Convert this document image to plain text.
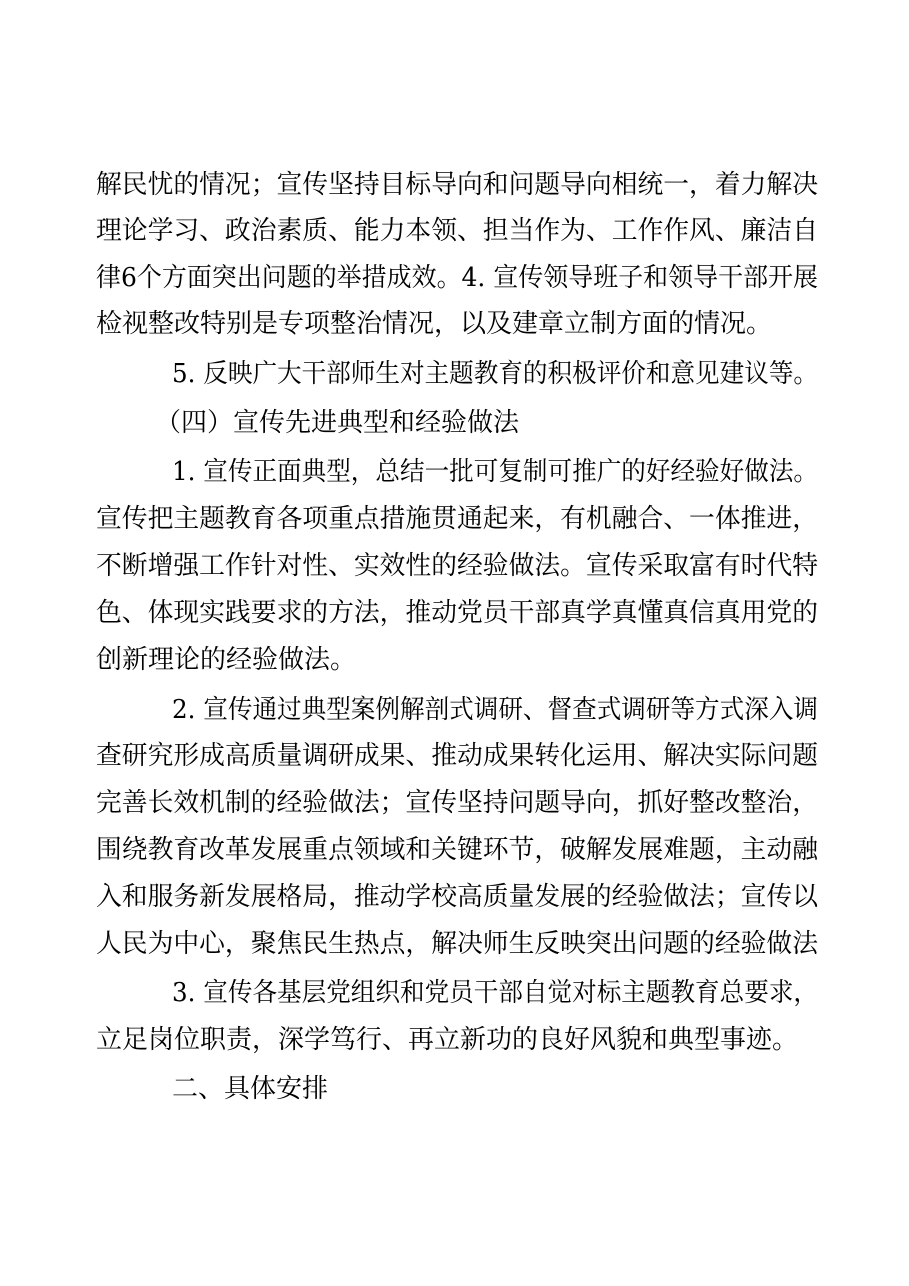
解民忧的情况；宣传坚持目标导向和问题导向相统一，着力解决
理论学习、政治素质、能力本领、担当作为、工作作风、廉洁自
律6个方面突出问题的举措成效。4. 宣传领导班子和领导干部开展
检视整改特别是专项整治情况，以及建章立制方面的情况。
5. 反映广大干部师生对主题教育的积极评价和意见建议等。
（四）宣传先进典型和经验做法
1. 宣传正面典型，总结一批可复制可推广的好经验好做法。
宣传把主题教育各项重点措施贯通起来，有机融合、一体推进，
不断增强工作针对性、实效性的经验做法。宣传采取富有时代特
色、体现实践要求的方法，推动党员干部真学真懂真信真用党的
创新理论的经验做法。
2. 宣传通过典型案例解剖式调研、督查式调研等方式深入调
查研究形成高质量调研成果、推动成果转化运用、解决实际问题
完善长效机制的经验做法；宣传坚持问题导向，抓好整改整治，
围绕教育改革发展重点领域和关键环节，破解发展难题，主动融
入和服务新发展格局，推动学校高质量发展的经验做法；宣传以
人民为中心，聚焦民生热点，解决师生反映突出问题的经验做法
3. 宣传各基层党组织和党员干部自觉对标主题教育总要求，
立足岗位职责，深学笃行、再立新功的良好风貌和典型事迹。
二、具体安排
